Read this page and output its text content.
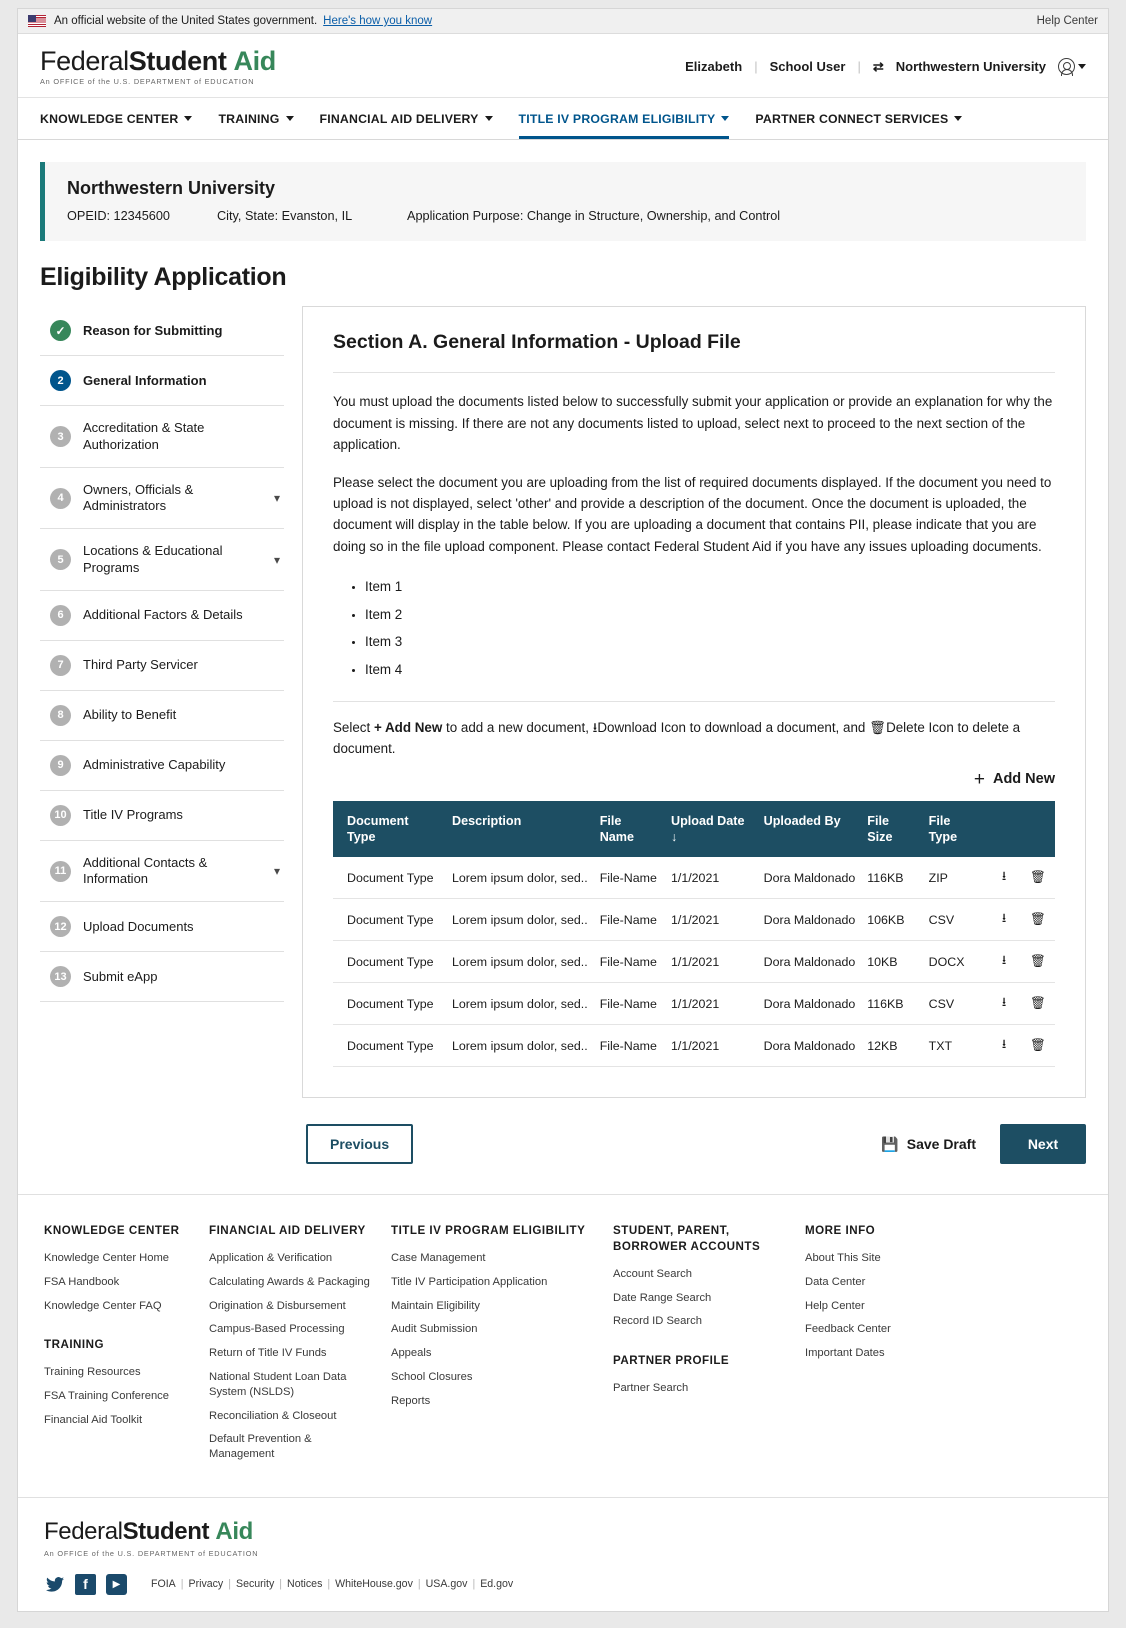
An official website of the United States government. Here's how you know	Help Center
FederalStudent Aid
An OFFICE of the U.S. DEPARTMENT of EDUCATION
Elizabeth | School User | ⇄ Northwestern University
KNOWLEDGE CENTER	TRAINING	FINANCIAL AID DELIVERY	TITLE IV PROGRAM ELIGIBILITY	PARTNER CONNECT SERVICES
Northwestern University
OPEID: 12345600	City, State: Evanston, IL	Application Purpose: Change in Structure, Ownership, and Control
Eligibility Application
✓	Reason for Submitting
2	General Information
3
Accreditation & State Authorization
4
Owners, Officials & Administrators	▾
5
Locations & Educational Programs	▾
6	Additional Factors & Details
7	Third Party Servicer
8	Ability to Benefit
9	Administrative Capability
10	Title IV Programs
11
Additional Contacts & Information	▾
12	Upload Documents
13	Submit eApp
Section A. General Information - Upload File

You must upload the documents listed below to successfully submit your application or provide an explanation for why the document is missing. If there are not any documents listed to upload, select next to proceed to the next section of the application.

Please select the document you are uploading from the list of required documents displayed. If the document you need to upload is not displayed, select 'other' and provide a description of the document. Once the document is uploaded, the document will display in the table below. If you are uploading a document that contains PII, please indicate that you are doing so in the file upload component. Please contact Federal Student Aid if you have any issues uploading documents.

• Item 1
• Item 2
• Item 3
• Item 4
Select + Add New to add a new document, ⭳Download Icon to download a document, and 🗑Delete Icon to delete a document.
+ Add New
Document Type	Description	File Name	Upload Date ↓	Uploaded By	File Size	File Type		
Document Type	Lorem ipsum dolor, sed..	File-Name	1/1/2021	Dora Maldonado	116KB	ZIP	⭳	🗑
Document Type	Lorem ipsum dolor, sed..	File-Name	1/1/2021	Dora Maldonado	106KB	CSV	⭳	🗑
Document Type	Lorem ipsum dolor, sed..	File-Name	1/1/2021	Dora Maldonado	10KB	DOCX	⭳	🗑
Document Type	Lorem ipsum dolor, sed..	File-Name	1/1/2021	Dora Maldonado	116KB	CSV	⭳	🗑
Document Type	Lorem ipsum dolor, sed..	File-Name	1/1/2021	Dora Maldonado	12KB	TXT	⭳	🗑
Previous	💾 Save Draft	Next
KNOWLEDGE CENTER
Knowledge Center Home
FSA Handbook
Knowledge Center FAQ
TRAINING
Training Resources
FSA Training Conference
Financial Aid Toolkit
FINANCIAL AID DELIVERY
Application & Verification
Calculating Awards & Packaging
Origination & Disbursement
Campus-Based Processing
Return of Title IV Funds
National Student Loan Data System (NSLDS)
Reconciliation & Closeout
Default Prevention & Management
TITLE IV PROGRAM ELIGIBILITY
Case Management
Title IV Participation Application
Maintain Eligibility
Audit Submission
Appeals
School Closures
Reports
STUDENT, PARENT, BORROWER ACCOUNTS
Account Search
Date Range Search
Record ID Search
PARTNER PROFILE
Partner Search
MORE INFO
About This Site
Data Center
Help Center
Feedback Center
Important Dates
FederalStudent Aid
An OFFICE of the U.S. DEPARTMENT of EDUCATION
f	▶	FOIA | Privacy | Security | Notices | WhiteHouse.gov | USA.gov | Ed.gov
